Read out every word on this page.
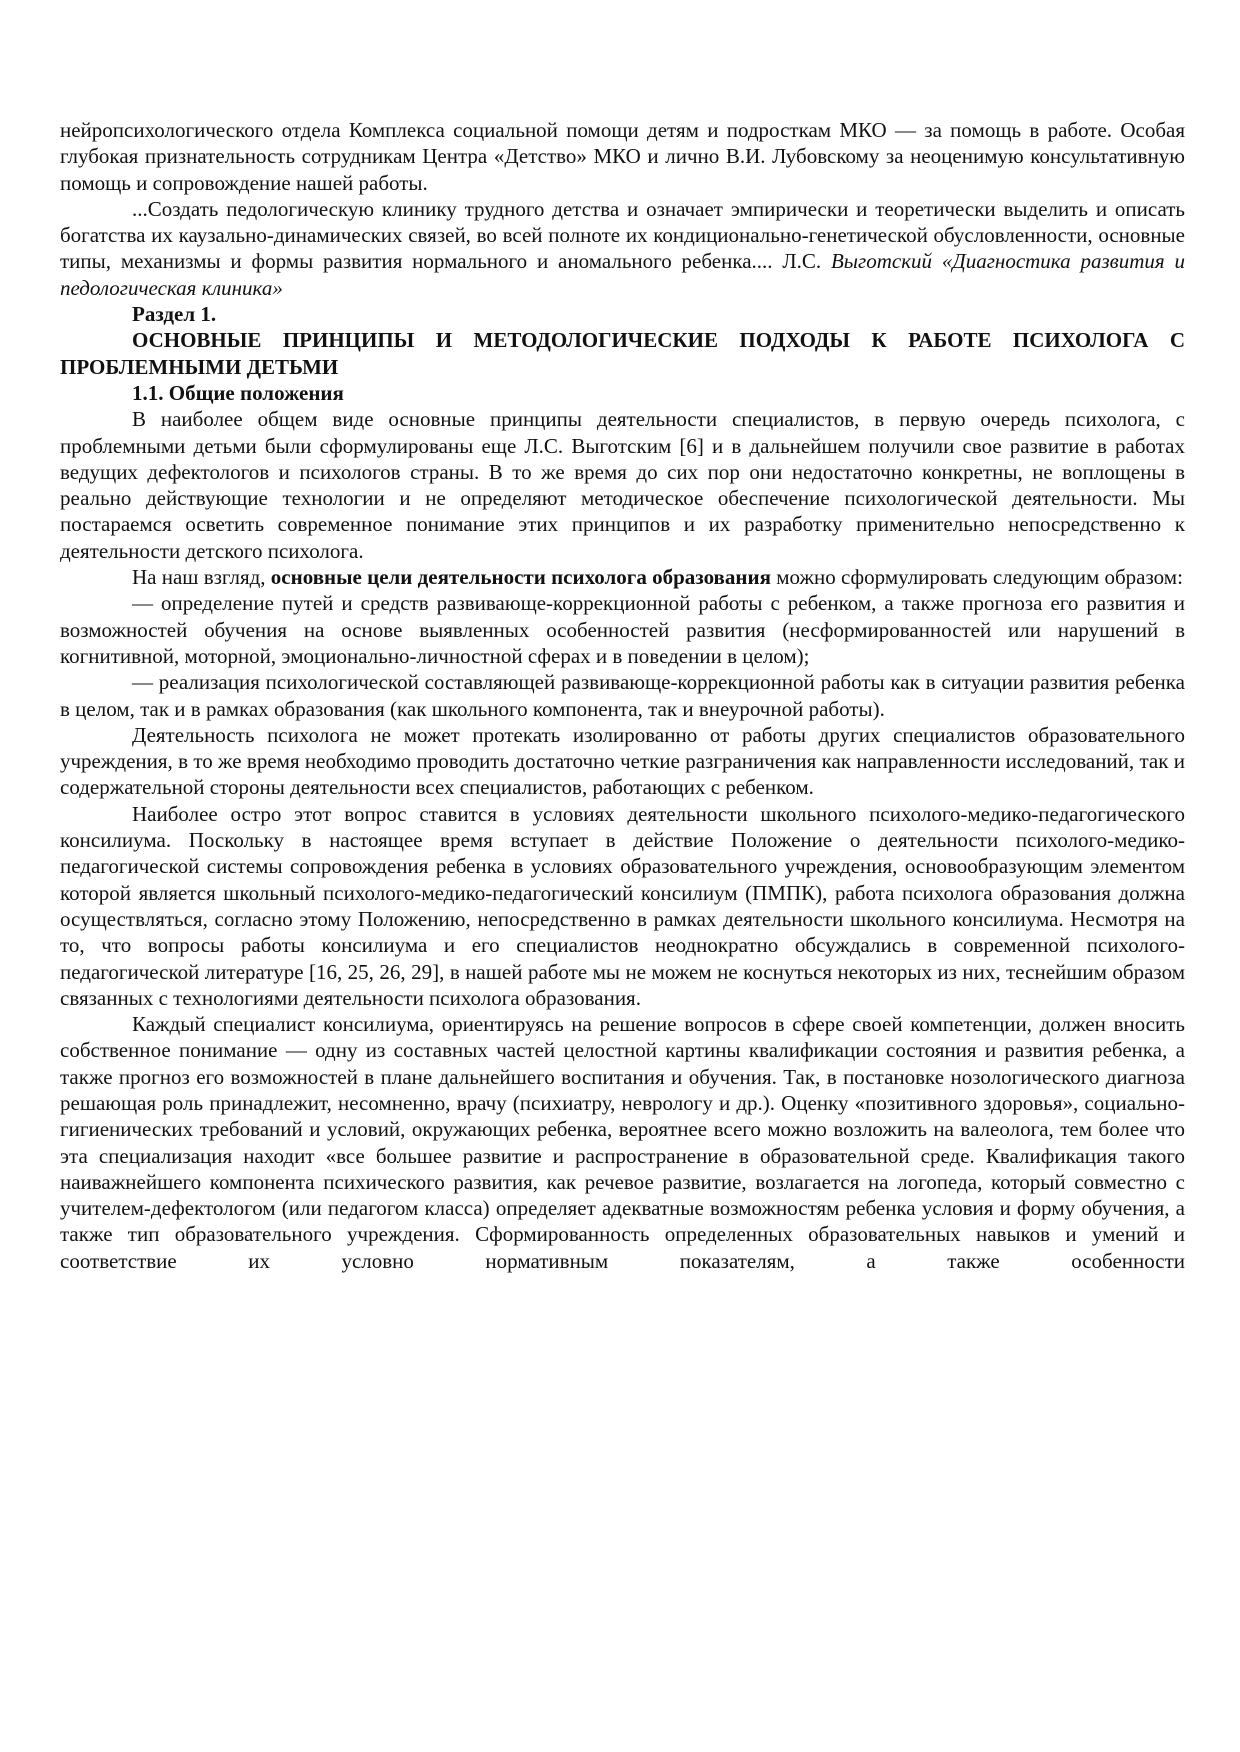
нейропсихологического отдела Комплекса социальной помощи детям и подросткам МКО — за помощь в работе. Особая глубокая признательность сотрудникам Центра «Детство» МКО и лично В.И. Лубовскому за неоценимую консультативную помощь и сопровождение нашей работы.

...Создать педологическую клинику трудного детства и означает эмпирически и теоретически выделить и описать богатства их каузально-динамических связей, во всей полноте их кондиционально-генетической обусловленности, основные типы, механизмы и формы развития нормального и аномального ребенка.... Л.С. Выготский «Диагностика развития и педологическая клиника»

Раздел 1.

ОСНОВНЫЕ ПРИНЦИПЫ И МЕТОДОЛОГИЧЕСКИЕ ПОДХОДЫ К РАБОТЕ ПСИХОЛОГА С ПРОБЛЕМНЫМИ ДЕТЬМИ

1.1. Общие положения

В наиболее общем виде основные принципы деятельности специалистов, в первую очередь психолога, с проблемными детьми были сформулированы еще Л.С. Выготским [6] и в дальнейшем получили свое развитие в работах ведущих дефектологов и психологов страны. В то же время до сих пор они недостаточно конкретны, не воплощены в реально действующие технологии и не определяют методическое обеспечение психологической деятельности. Мы постараемся осветить современное понимание этих принципов и их разработку применительно непосредственно к деятельности детского психолога.

На наш взгляд, основные цели деятельности психолога образования можно сформулировать следующим образом:

— определение путей и средств развивающе-коррекционной работы с ребенком, а также прогноза его развития и возможностей обучения на основе выявленных особенностей развития (несформированностей или нарушений в когнитивной, моторной, эмоционально-личностной сферах и в поведении в целом);

— реализация психологической составляющей развивающе-коррекционной работы как в ситуации развития ребенка в целом, так и в рамках образования (как школьного компонента, так и внеурочной работы).

Деятельность психолога не может протекать изолированно от работы других специалистов образовательного учреждения, в то же время необходимо проводить достаточно четкие разграничения как направленности исследований, так и содержательной стороны деятельности всех специалистов, работающих с ребенком.

Наиболее остро этот вопрос ставится в условиях деятельности школьного психолого-медико-педагогического консилиума. Поскольку в настоящее время вступает в действие Положение о деятельности психолого-медико-педагогической системы сопровождения ребенка в условиях образовательного учреждения, основообразующим элементом которой является школьный психолого-медико-педагогический консилиум (ПМПК), работа психолога образования должна осуществляться, согласно этому Положению, непосредственно в рамках деятельности школьного консилиума. Несмотря на то, что вопросы работы консилиума и его специалистов неоднократно обсуждались в современной психолого-педагогической литературе [16, 25, 26, 29], в нашей работе мы не можем не коснуться некоторых из них, теснейшим образом связанных с технологиями деятельности психолога образования.

Каждый специалист консилиума, ориентируясь на решение вопросов в сфере своей компетенции, должен вносить собственное понимание — одну из составных частей целостной картины квалификации состояния и развития ребенка, а также прогноз его возможностей в плане дальнейшего воспитания и обучения. Так, в постановке нозологического диагноза решающая роль принадлежит, несомненно, врачу (психиатру, неврологу и др.). Оценку «позитивного здоровья», социально-гигиенических требований и условий, окружающих ребенка, вероятнее всего можно возложить на валеолога, тем более что эта специализация находит «все большее развитие и распространение в образовательной среде. Квалификация такого наиважнейшего компонента психического развития, как речевое развитие, возлагается на логопеда, который совместно с учителем-дефектологом (или педагогом класса) определяет адекватные возможностям ребенка условия и форму обучения, а также тип образовательного учреждения. Сформированность определенных образовательных навыков и умений и соответствие их условно нормативным показателям, а также особенности
